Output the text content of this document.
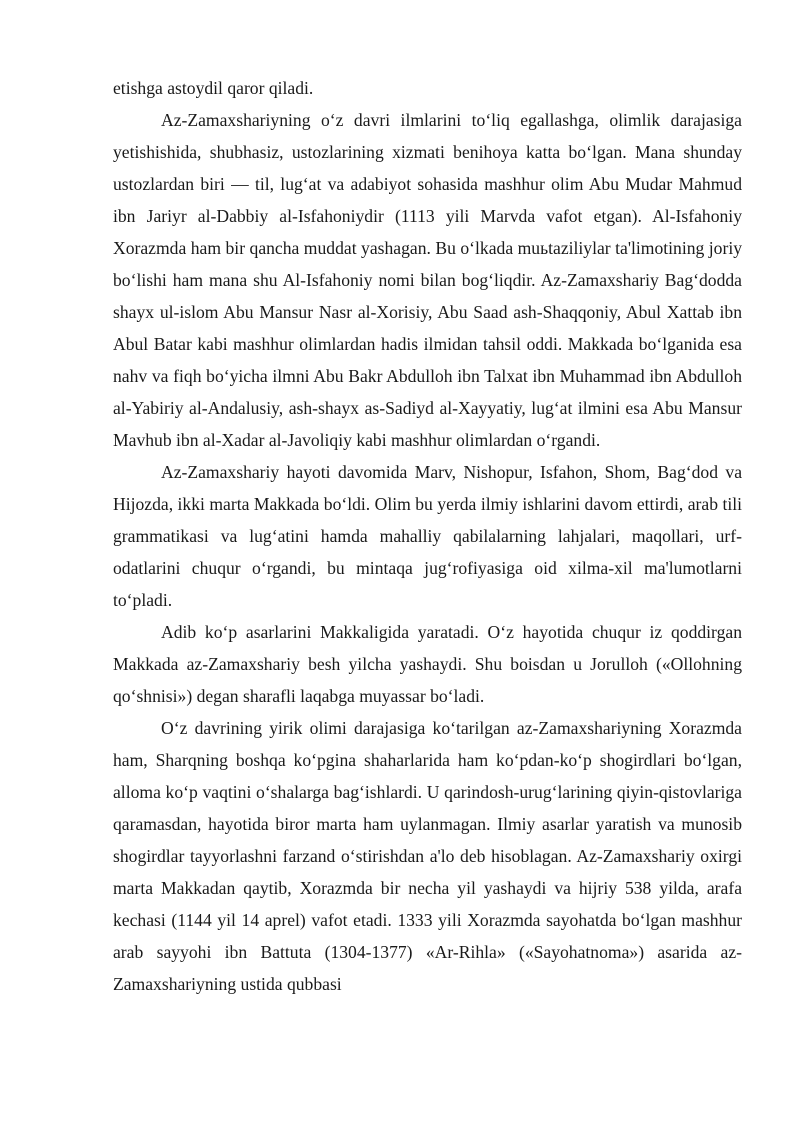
etishga astoydil qaror qiladi.

Az-Zamaxshariyning o‘z davri ilmlarini to‘liq egallashga, olimlik darajasiga yetishishida, shubhasiz, ustozlarining xizmati benihoya katta bo‘lgan. Mana shunday ustozlardan biri — til, lug‘at va adabiyot sohasida mashhur olim Abu Mudar Mahmud ibn Jariyr al-Dabbiy al-Isfahoniydir (1113 yili Marvda vafot etgan). Al-Isfahoniy Xorazmda ham bir qancha muddat yashagan. Bu o‘lkada muьtaziliylar ta'limotining joriy bo‘lishi ham mana shu Al-Isfahoniy nomi bilan bog‘liqdir. Az-Zamaxshariy Bag‘dodda shayx ul-islom Abu Mansur Nasr al-Xorisiy, Abu Saad ash-Shaqqoniy, Abul Xattab ibn Abul Batar kabi mashhur olimlardan hadis ilmidan tahsil oddi. Makkada bo‘lganida esa nahv va fiqh bo‘yicha ilmni Abu Bakr Abdulloh ibn Talxat ibn Muhammad ibn Abdulloh al-Yabiriy al-Andalusiy, ash-shayx as-Sadiyd al-Xayyatiy, lug‘at ilmini esa Abu Mansur Mavhub ibn al-Xadar al-Javoliqiy kabi mashhur olimlardan o‘rgandi.

Az-Zamaxshariy hayoti davomida Marv, Nishopur, Isfahon, Shom, Bag‘dod va Hijozda, ikki marta Makkada bo‘ldi. Olim bu yerda ilmiy ishlarini davom ettirdi, arab tili grammatikasi va lug‘atini hamda mahalliy qabilalarning lahjalari, maqollari, urf-odatlarini chuqur o‘rgandi, bu mintaqa jug‘rofiyasiga oid xilma-xil ma'lumotlarni to‘pladi.

Adib ko‘p asarlarini Makkaligida yaratadi. O‘z hayotida chuqur iz qoddirgan Makkada az-Zamaxshariy besh yilcha yashaydi. Shu boisdan u Jorulloh («Ollohning qo‘shnisi») degan sharafli laqabga muyassar bo‘ladi.

O‘z davrining yirik olimi darajasiga ko‘tarilgan az-Zamaxshariyning Xorazmda ham, Sharqning boshqa ko‘pgina shaharlarida ham ko‘pdan-ko‘p shogirdlari bo‘lgan, alloma ko‘p vaqtini o‘shalarga bag‘ishlardi. U qarindosh-urug‘larining qiyin-qistovlariga qaramasdan, hayotida biror marta ham uylanmagan. Ilmiy asarlar yaratish va munosib shogirdlar tayyorlashni farzand o‘stirishdan a'lo deb hisoblagan. Az-Zamaxshariy oxirgi marta Makkadan qaytib, Xorazmda bir necha yil yashaydi va hijriy 538 yilda, arafa kechasi (1144 yil 14 aprel) vafot etadi. 1333 yili Xorazmda sayohatda bo‘lgan mashhur arab sayyohi ibn Battuta (1304-1377) «Ar-Rihla» («Sayohatnoma») asarida az-Zamaxshariyning ustida qubbasi
